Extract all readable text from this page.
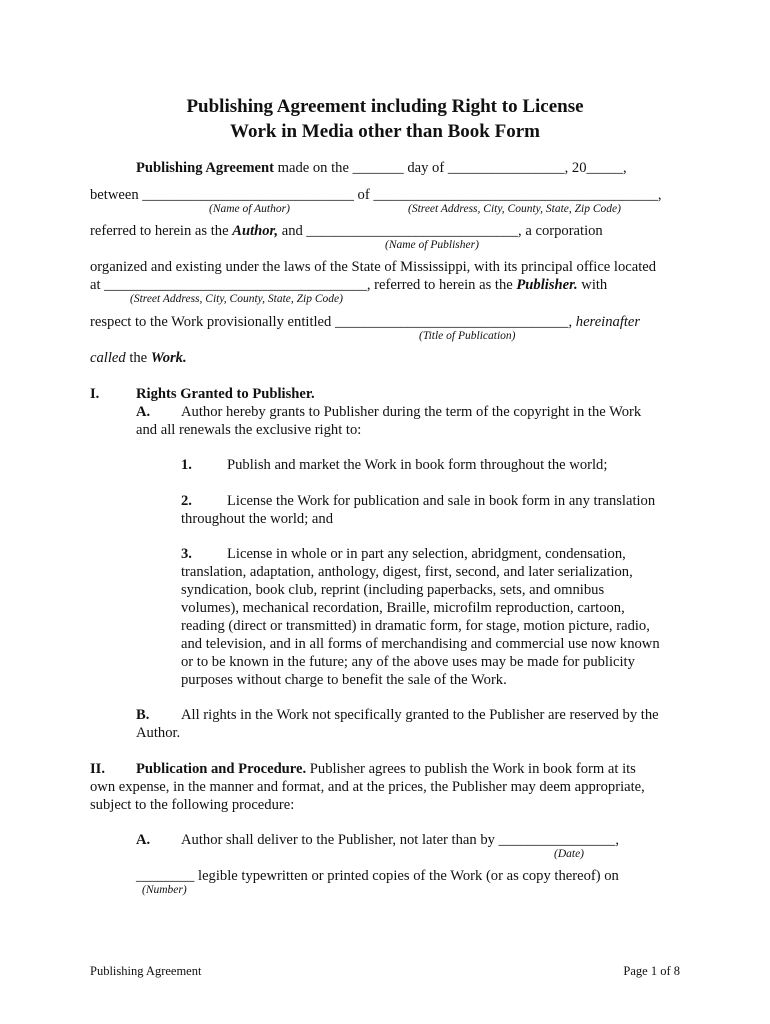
Publishing Agreement including Right to License
Work in Media other than Book Form
Publishing Agreement made on the _______ day of ________________, 20_____,
between _____________________________ of _______________________________________,
(Name of Author)	(Street Address, City, County, State, Zip Code)
referred to herein as the Author, and _____________________________, a corporation
(Name of Publisher)
organized and existing under the laws of the State of Mississippi, with its principal office located
at ____________________________________, referred to herein as the Publisher. with
(Street Address, City, County, State, Zip Code)
respect to the Work provisionally entitled ________________________________, hereinafter
(Title of Publication)
called the Work.
I.	Rights Granted to Publisher.
A. Author hereby grants to Publisher during the term of the copyright in the Work
and all renewals the exclusive right to:
1. Publish and market the Work in book form throughout the world;
2. License the Work for publication and sale in book form in any translation
throughout the world; and
3. License in whole or in part any selection, abridgment, condensation,
translation, adaptation, anthology, digest, first, second, and later serialization,
syndication, book club, reprint (including paperbacks, sets, and omnibus
volumes), mechanical recordation, Braille, microfilm reproduction, cartoon,
reading (direct or transmitted) in dramatic form, for stage, motion picture, radio,
and television, and in all forms of merchandising and commercial use now known
or to be known in the future; any of the above uses may be made for publicity
purposes without charge to benefit the sale of the Work.
B. All rights in the Work not specifically granted to the Publisher are reserved by the
Author.
II. Publication and Procedure. Publisher agrees to publish the Work in book form at its
own expense, in the manner and format, and at the prices, the Publisher may deem appropriate,
subject to the following procedure:
A. Author shall deliver to the Publisher, not later than by ________________,
(Date)
________ legible typewritten or printed copies of the Work (or as copy thereof) on
(Number)
Publishing Agreement	Page 1 of 8
